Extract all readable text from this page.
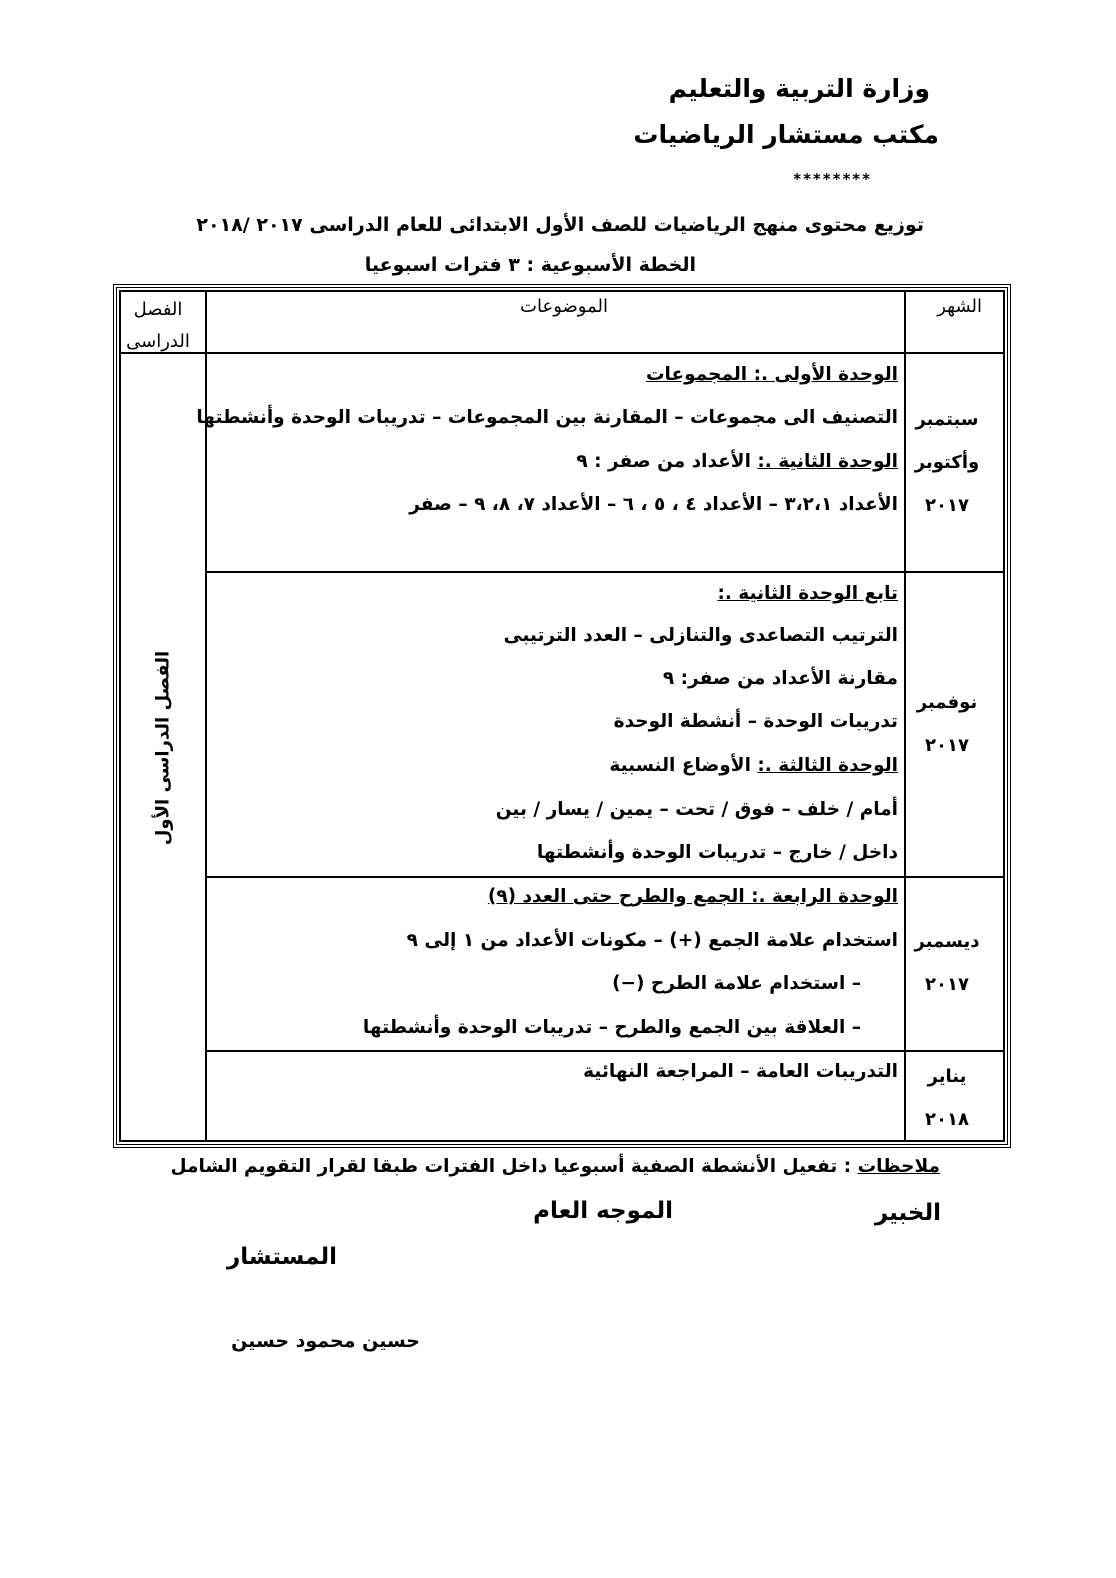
وزارة التربية والتعليم
مكتب مستشار الرياضيات
********
توزيع محتوى منهج الرياضيات للصف الأول الابتدائى للعام الدراسى ٢٠١٧ /٢٠١٨
الخطة الأسبوعية : ٣ فترات اسبوعيا
الشهر
الموضوعات
الفصل الدراسى
الفصل الدراسى الأول
سبتمبر
وأكتوبر
٢٠١٧
نوفمبر
٢٠١٧
ديسمبر
٢٠١٧
يناير
٢٠١٨
الوحدة الأولى .: المجموعات
التصنيف الى مجموعات – المقارنة بين المجموعات – تدريبات الوحدة وأنشطتها
الوحدة الثانية .: الأعداد من صفر : ٩
الأعداد ٣،٢،١ – الأعداد ٤ ، ٥ ، ٦ – الأعداد ٧، ٨، ٩ – صفر
تابع الوحدة الثانية .:
الترتيب التصاعدى والتنازلى – العدد الترتيبى
مقارنة الأعداد من صفر: ٩
تدريبات الوحدة – أنشطة الوحدة
الوحدة الثالثة .: الأوضاع النسبية
أمام / خلف – فوق / تحت – يمين / يسار / بين
داخل / خارج – تدريبات الوحدة وأنشطتها
الوحدة الرابعة .: الجمع والطرح حتى العدد (٩)
استخدام علامة الجمع (+) – مكونات الأعداد من ١ إلى ٩
– استخدام علامة الطرح (−)
– العلاقة بين الجمع والطرح – تدريبات الوحدة وأنشطتها
التدريبات العامة – المراجعة النهائية
ملاحظات : تفعيل الأنشطة الصفية أسبوعيا داخل الفترات طبقا لقرار التقويم الشامل
الخبير
الموجه العام
المستشار
حسين محمود حسين
